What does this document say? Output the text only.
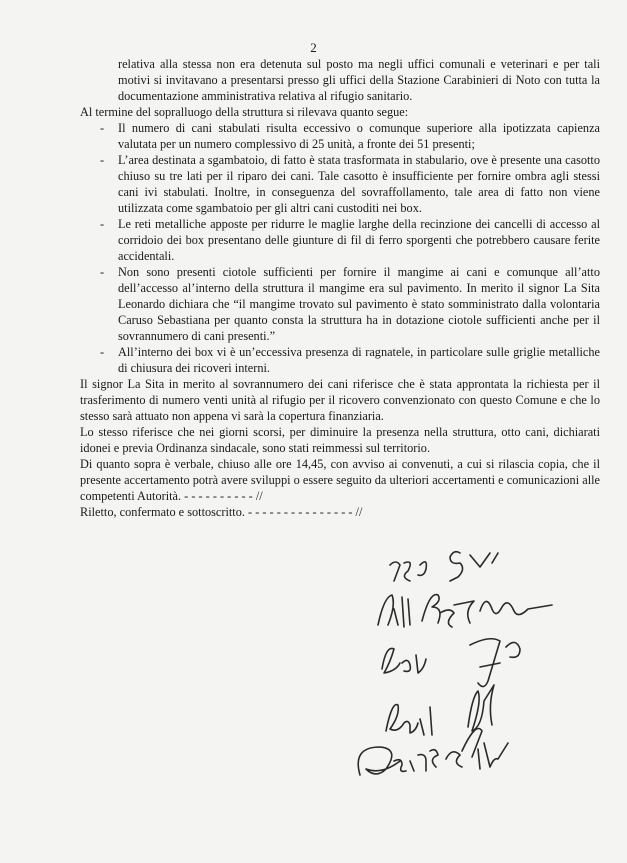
2

relativa alla stessa non era detenuta sul posto ma negli uffici comunali e veterinari e per tali motivi si invitavano a presentarsi presso gli uffici della Stazione Carabinieri di Noto con tutta la documentazione amministrativa relativa al rifugio sanitario.

Al termine del sopralluogo della struttura si rilevava quanto segue:

- Il numero di cani stabulati risulta eccessivo o comunque superiore alla ipotizzata capienza valutata per un numero complessivo di 25 unità, a fronte dei 51 presenti;
- L’area destinata a sgambatoio, di fatto è stata trasformata in stabulario, ove è presente una casotto chiuso su tre lati per il riparo dei cani. Tale casotto è insufficiente per fornire ombra agli stessi cani ivi stabulati. Inoltre, in conseguenza del sovraffollamento, tale area di fatto non viene utilizzata come sgambatoio per gli altri cani custoditi nei box.
- Le reti metalliche apposte per ridurre le maglie larghe della recinzione dei cancelli di accesso al corridoio dei box presentano delle giunture di fil di ferro sporgenti che potrebbero causare ferite accidentali.
- Non sono presenti ciotole sufficienti per fornire il mangime ai cani e comunque all’atto dell’accesso al’interno della struttura il mangime era sul pavimento. In merito il signor La Sita Leonardo dichiara che “il mangime trovato sul pavimento è stato somministrato dalla volontaria Caruso Sebastiana per quanto consta la struttura ha in dotazione ciotole sufficienti anche per il sovrannumero di cani presenti.”
- All’interno dei box vi è un’eccessiva presenza di ragnatele, in particolare sulle griglie metalliche di chiusura dei ricoveri interni.

Il signor La Sita in merito al sovrannumero dei cani riferisce che è stata approntata la richiesta per il trasferimento di numero venti unità al rifugio per il ricovero convenzionato con questo Comune e che lo stesso sarà attuato non appena vi sarà la copertura finanziaria.

Lo stesso riferisce che nei giorni scorsi, per diminuire la presenza nella struttura, otto cani, dichiarati idonei e previa Ordinanza sindacale, sono stati reimmessi sul territorio.

Di quanto sopra è verbale, chiuso alle ore 14,45, con avviso ai convenuti, a cui si rilascia copia, che il presente accertamento potrà avere sviluppi o essere seguito da ulteriori accertamenti e comunicazioni alle competenti Autorità. - - - - - - - - - - //

Riletto, confermato e sottoscritto. - - - - - - - - - - - - - - - //
